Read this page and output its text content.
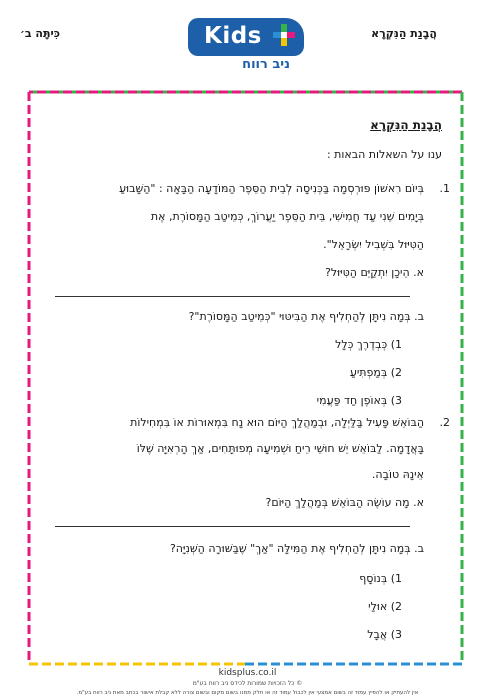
הֲבָנַת הַנִּקְרָא
כִּיתָּה ב׳	Kids
ניב רווח
הֲבָנַת הַנִּקְרָא
ענו על השאלות הבאות :
1.
בְּיוֹם רִאשׁוֹן פּוּרְסְמָה בַּכְּנִיסָה לְבֵית הַסֵּפֶר הַמּוֹדָעָה הַבָּאָה : "הַשָּׁבוּעַ
בְּיָמִים שֵׁנִי עַד חֲמִישִׁי, בֵּית הַסֵּפֶר יַעֲרוֹךְ, כְּמֵיטַב הַמָּסוֹרֶת, אֶת
הַטִּיּוּל בִּשְׁבִיל יִשְׂרָאֵל".
א. הֵיכָן יִתְקַיֵּם הַטִּיּוּל?
ב. בְּמָה נִיתָּן לְהַחְלִיף אֶת הַבִּיטּוּי "כְּמֵיטַב הַמָּסוֹרֶת"?
1) כְּבְדֶרֶךְ כְּלָל
2) בְּמַפְתִּיעַ
3) בְּאוֹפֶן חַד פַּעֲמִי
2.
הַבּוֹאֵשׁ פָּעִיל בַּלַּיְלָה, וּבְמַהֲלַךְ הַיּוֹם הוּא נָח בִּמְאוּרוֹת אוֹ בִּמְחִילוֹת
בָּאֲדָמָה. לַבּוֹאֵשׁ יֵשׁ חוּשֵׁי רֵיחַ וּשְׁמִיעָה מְפוּתָּחִים, אַךְ הָרְאִיָּה שֶׁלּוֹ
אֵינָהּ טוֹבָה.
א. מָה עוֹשֶׂה הַבּוֹאֵשׁ בְּמַהֲלַךְ הַיּוֹם?
ב. בְּמָה נִיתָּן לְהַחְלִיף אֶת הַמִּילָּה "אַךְ" שֶׁבַּשּׁוּרָה הַשְּׁנִיָּה?
1) בְּנוֹסָף
2) אוּלַי
3) אֲבָל
kidsplus.co.il
© כל הזכויות שמורות לכידס ניב רווח בע"מ
אין להעתיק או להפיץ עמוד זה בשום אמצעי אין לכבול עמוד זה או חלק ממנו בשום מקום ובשום צורה ללא קבלת אישור בכתב מאת ניב רווח בע"מ.
